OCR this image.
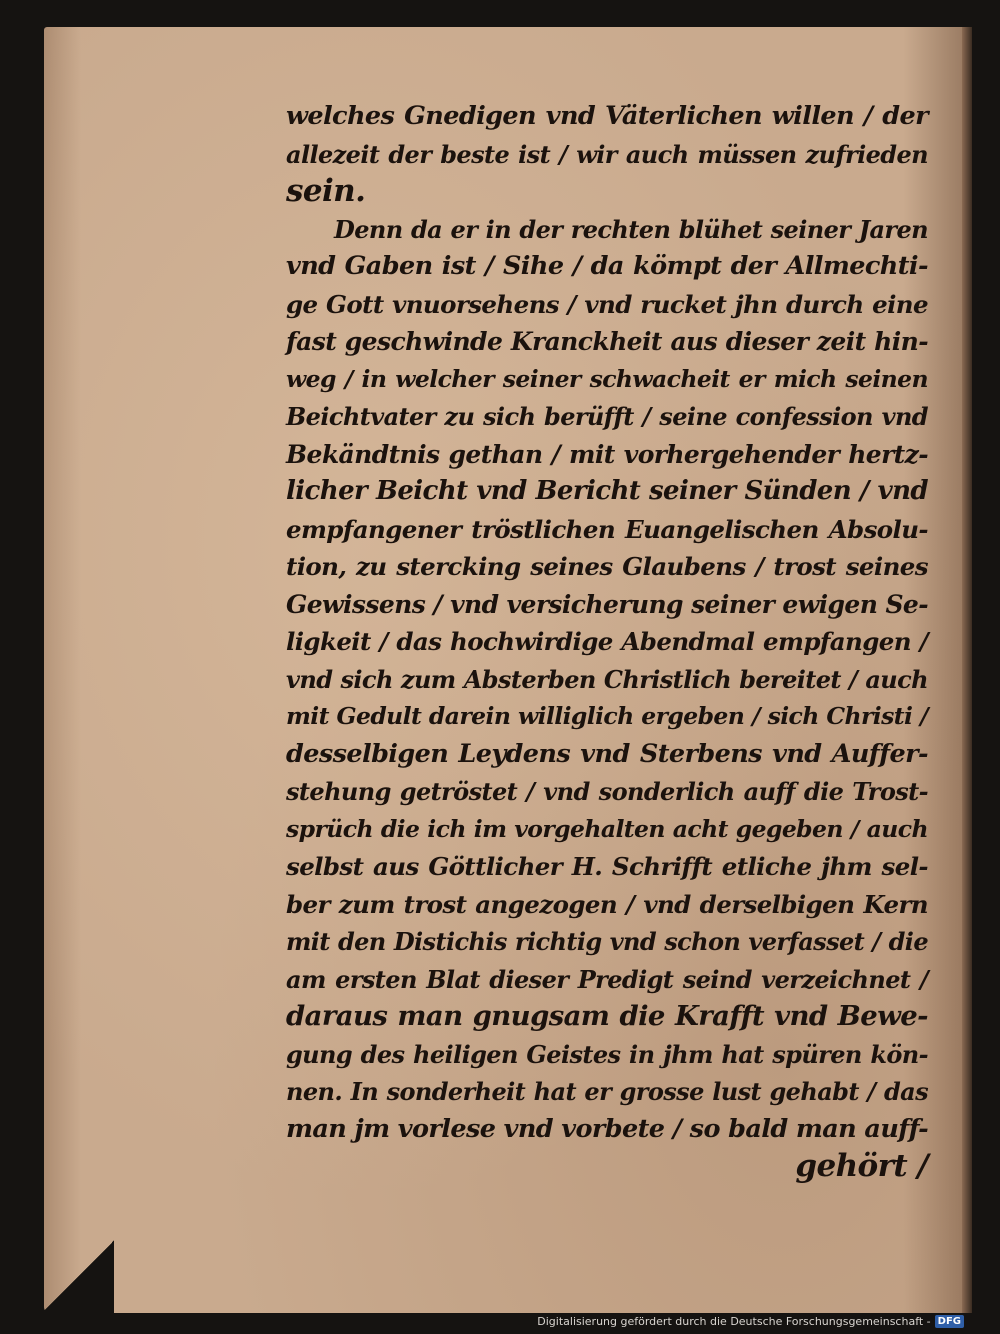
welches Gnedigen vnd Väterlichen willen / der
allezeit der beste ist / wir auch müssen zufrieden
sein.
Denn da er in der rechten blühet seiner Jaren
vnd Gaben ist / Sihe / da kömpt der Allmechti-
ge Gott vnuorsehens / vnd rucket jhn durch eine
fast geschwinde Kranckheit aus dieser zeit hin-
weg / in welcher seiner schwacheit er mich seinen
Beichtvater zu sich berüfft / seine confession vnd
Bekändtnis gethan / mit vorhergehender hertz-
licher Beicht vnd Bericht seiner Sünden / vnd
empfangener tröstlichen Euangelischen Absolu-
tion, zu stercking seines Glaubens / trost seines
Gewissens / vnd versicherung seiner ewigen Se-
ligkeit / das hochwirdige Abendmal empfangen /
vnd sich zum Absterben Christlich bereitet / auch
mit Gedult darein williglich ergeben / sich Christi /
desselbigen Leydens vnd Sterbens vnd Auffer-
stehung getröstet / vnd sonderlich auff die Trost-
sprüch die ich im vorgehalten acht gegeben / auch
selbst aus Göttlicher H. Schrifft etliche jhm sel-
ber zum trost angezogen / vnd derselbigen Kern
mit den Distichis richtig vnd schon verfasset / die
am ersten Blat dieser Predigt seind verzeichnet /
daraus man gnugsam die Krafft vnd Bewe-
gung des heiligen Geistes in jhm hat spüren kön-
nen. In sonderheit hat er grosse lust gehabt / das
man jm vorlese vnd vorbete / so bald man auff-
gehört /
Digitalisierung gefördert durch die Deutsche Forschungsgemeinschaft - DFG
